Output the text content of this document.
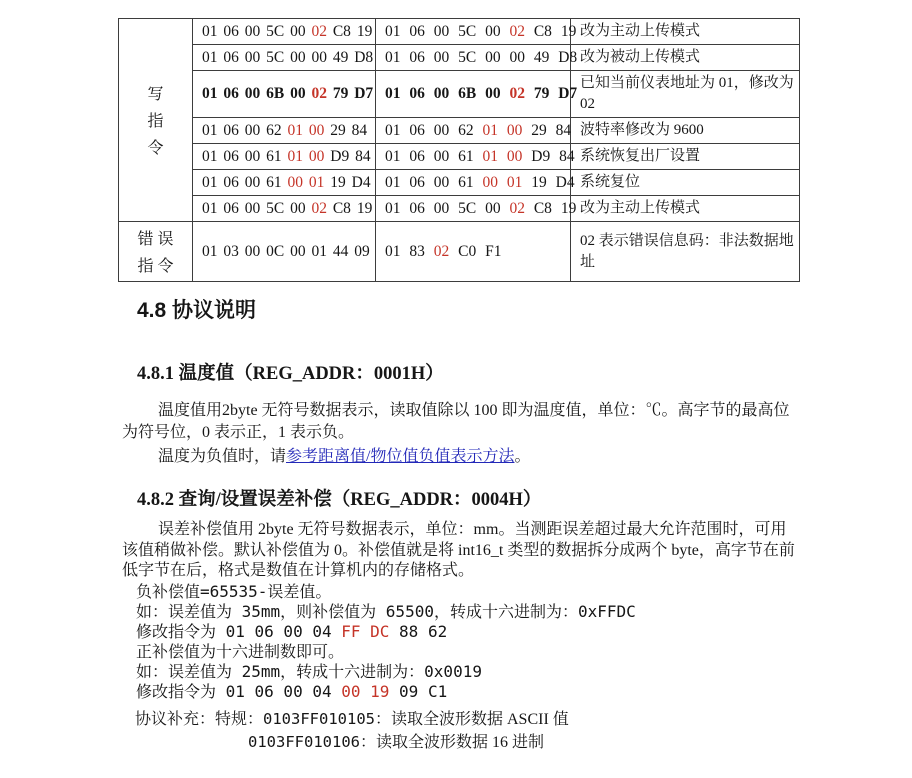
写
指
令	01 06 00 5C 00 02 C8 19	01 06 00 5C 00 02 C8 19	改为主动上传模式
	01 06 00 5C 00 00 49 D8	01 06 00 5C 00 00 49 D8	改为被动上传模式
	01 06 00 6B 00 02 79 D7	01 06 00 6B 00 02 79 D7	已知当前仪表地址为 01，修改为 02
	01 06 00 62 01 00 29 84	01 06 00 62 01 00 29 84	波特率修改为 9600
	01 06 00 61 01 00 D9 84	01 06 00 61 01 00 D9 84	系统恢复出厂设置
	01 06 00 61 00 01 19 D4	01 06 00 61 00 01 19 D4	系统复位
	01 06 00 5C 00 02 C8 19	01 06 00 5C 00 02 C8 19	改为主动上传模式

错 误
指 令	01 03 00 0C 00 01 44 09	01 83 02 C0 F1	02 表示错误信息码：非法数据地址
4.8 协议说明
4.8.1 温度值（REG_ADDR：0001H）

温度值用2byte 无符号数据表示，读取值除以 100 即为温度值，单位：℃。高字节的最高位为符号位，0 表示正，1 表示负。

温度为负值时，请参考距离值/物位值负值表示方法。

4.8.2 查询/设置误差补偿（REG_ADDR：0004H）

误差补偿值用 2byte 无符号数据表示，单位：mm。当测距误差超过最大允许范围时，可用该值稍做补偿。默认补偿值为 0。补偿值就是将 int16_t 类型的数据拆分成两个 byte，高字节在前低字节在后，格式是数值在计算机内的存储格式。

负补偿值=65535-误差值。
如：误差值为 35mm，则补偿值为 65500，转成十六进制为：0xFFDC
修改指令为 01 06 00 04 FF DC 88 62
正补偿值为十六进制数即可。
如：误差值为 25mm，转成十六进制为：0x0019
修改指令为 01 06 00 04 00 19 09 C1
协议补充：特规：0103FF010105：读取全波形数据 ASCII 值
0103FF010106：读取全波形数据 16 进制
